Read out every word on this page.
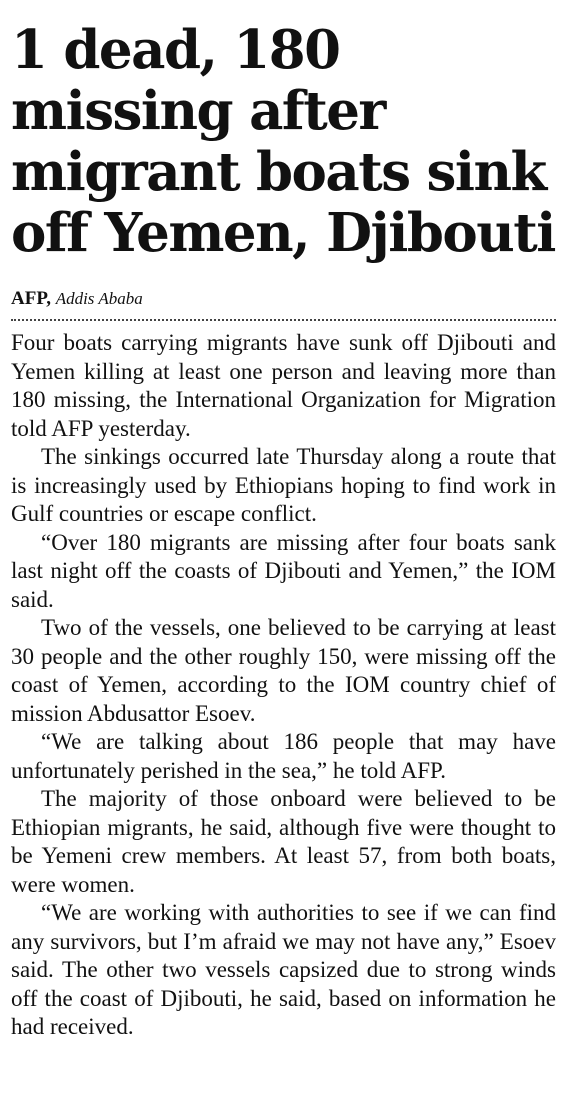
1 dead, 180 missing after migrant boats sink off Yemen, Djibouti
AFP, Addis Ababa

Four boats carrying migrants have sunk off Djibouti and Yemen killing at least one person and leaving more than 180 missing, the International Organization for Migration told AFP yesterday.

The sinkings occurred late Thursday along a route that is increasingly used by Ethiopians hoping to find work in Gulf countries or escape conflict.

“Over 180 migrants are missing after four boats sank last night off the coasts of Djibouti and Yemen,” the IOM said.

Two of the vessels, one believed to be carrying at least 30 people and the other roughly 150, were missing off the coast of Yemen, according to the IOM country chief of mission Abdusattor Esoev.

“We are talking about 186 people that may have unfortunately perished in the sea,” he told AFP.

The majority of those onboard were believed to be Ethiopian migrants, he said, although five were thought to be Yemeni crew members. At least 57, from both boats, were women.

“We are working with authorities to see if we can find any survivors, but I’m afraid we may not have any,” Esoev said. The other two vessels capsized due to strong winds off the coast of Djibouti, he said, based on information he had received.
